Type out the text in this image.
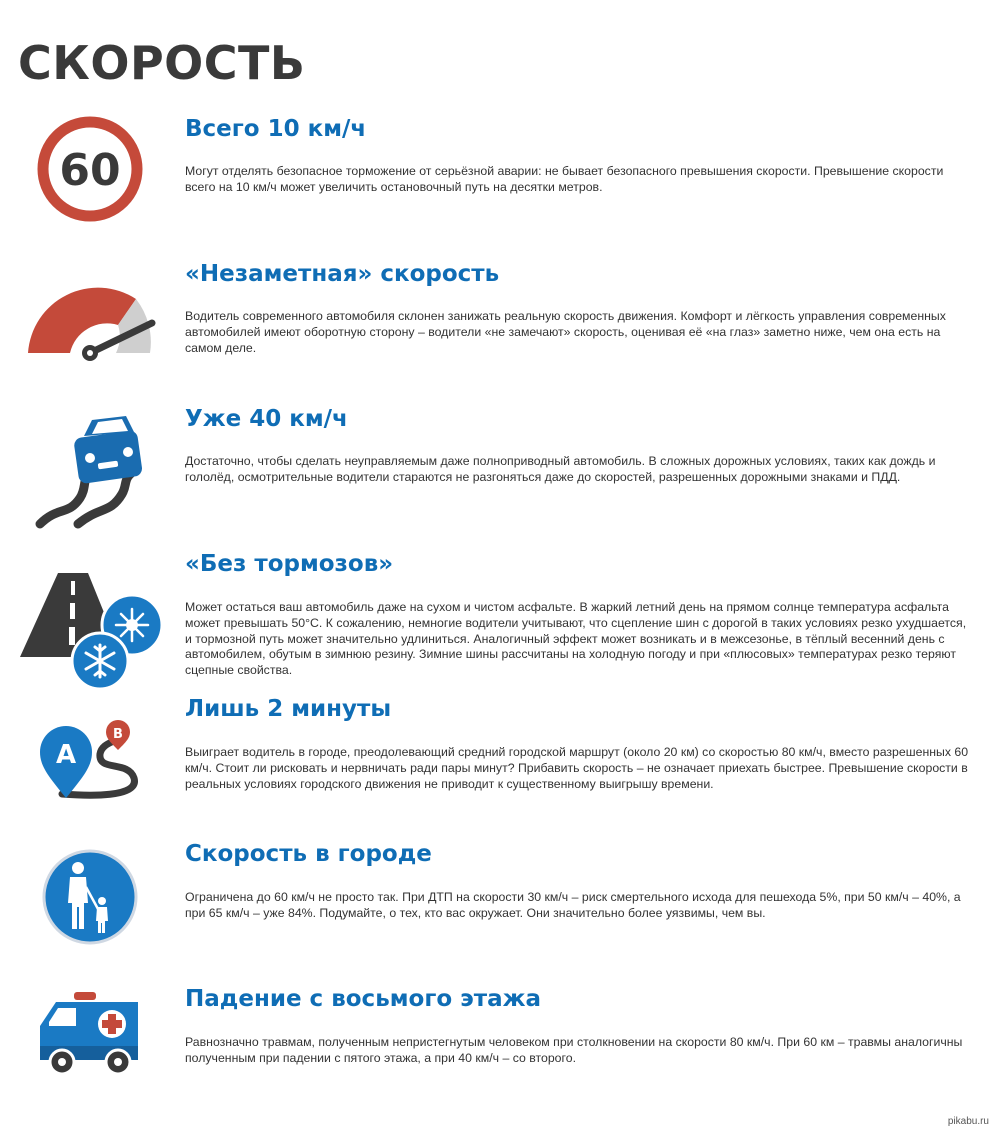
СКОРОСТЬ
60
Всего 10 км/ч

Могут отделять безопасное торможение от серьёзной аварии: не бывает безопасного превышения скорости. Превышение скорости всего на 10 км/ч может увеличить остановочный путь на десятки метров.

«Незаметная» скорость

Водитель современного автомобиля склонен занижать реальную скорость движения. Комфорт и лёгкость управления современных автомобилей имеют оборотную сторону – водители «не замечают» скорость, оценивая её «на глаз» заметно ниже, чем она есть на самом деле.

Уже 40 км/ч

Достаточно, чтобы сделать неуправляемым даже полноприводный автомобиль. В сложных дорожных условиях, таких как дождь и гололёд, осмотрительные водители стараются не разгоняться даже до скоростей, разрешенных дорожными знаками и ПДД.

«Без тормозов»

Может остаться ваш автомобиль даже на сухом и чистом асфальте. В жаркий летний день на прямом солнце температура асфальта может превышать 50°С. К сожалению, немногие водители учитывают, что сцепление шин с дорогой в таких условиях резко ухудшается, и тормозной путь может значительно удлиниться. Аналогичный эффект может возникать и в межсезонье, в тёплый весенний день с автомобилем, обутым в зимнюю резину. Зимние шины рассчитаны на холодную погоду и при «плюсовых» температурах резко теряют сцепные свойства.

A
B
Лишь 2 минуты

Выиграет водитель в городе, преодолевающий средний городской маршрут (около 20 км) со скоростью 80 км/ч, вместо разрешенных 60 км/ч. Стоит ли рисковать и нервничать ради пары минут? Прибавить скорость – не означает приехать быстрее. Превышение скорости в реальных условиях городского движения не приводит к существенному выигрышу времени.

Скорость в городе

Ограничена до 60 км/ч не просто так. При ДТП на скорости 30 км/ч – риск смертельного исхода для пешехода 5%, при 50 км/ч – 40%, а при 65 км/ч – уже 84%. Подумайте, о тех, кто вас окружает. Они значительно более уязвимы, чем вы.

Падение с восьмого этажа

Равнозначно травмам, полученным непристегнутым человеком при столкновении на скорости 80 км/ч. При 60 км – травмы аналогичны полученным при падении с пятого этажа, а при 40 км/ч – со второго.

pikabu.ru
